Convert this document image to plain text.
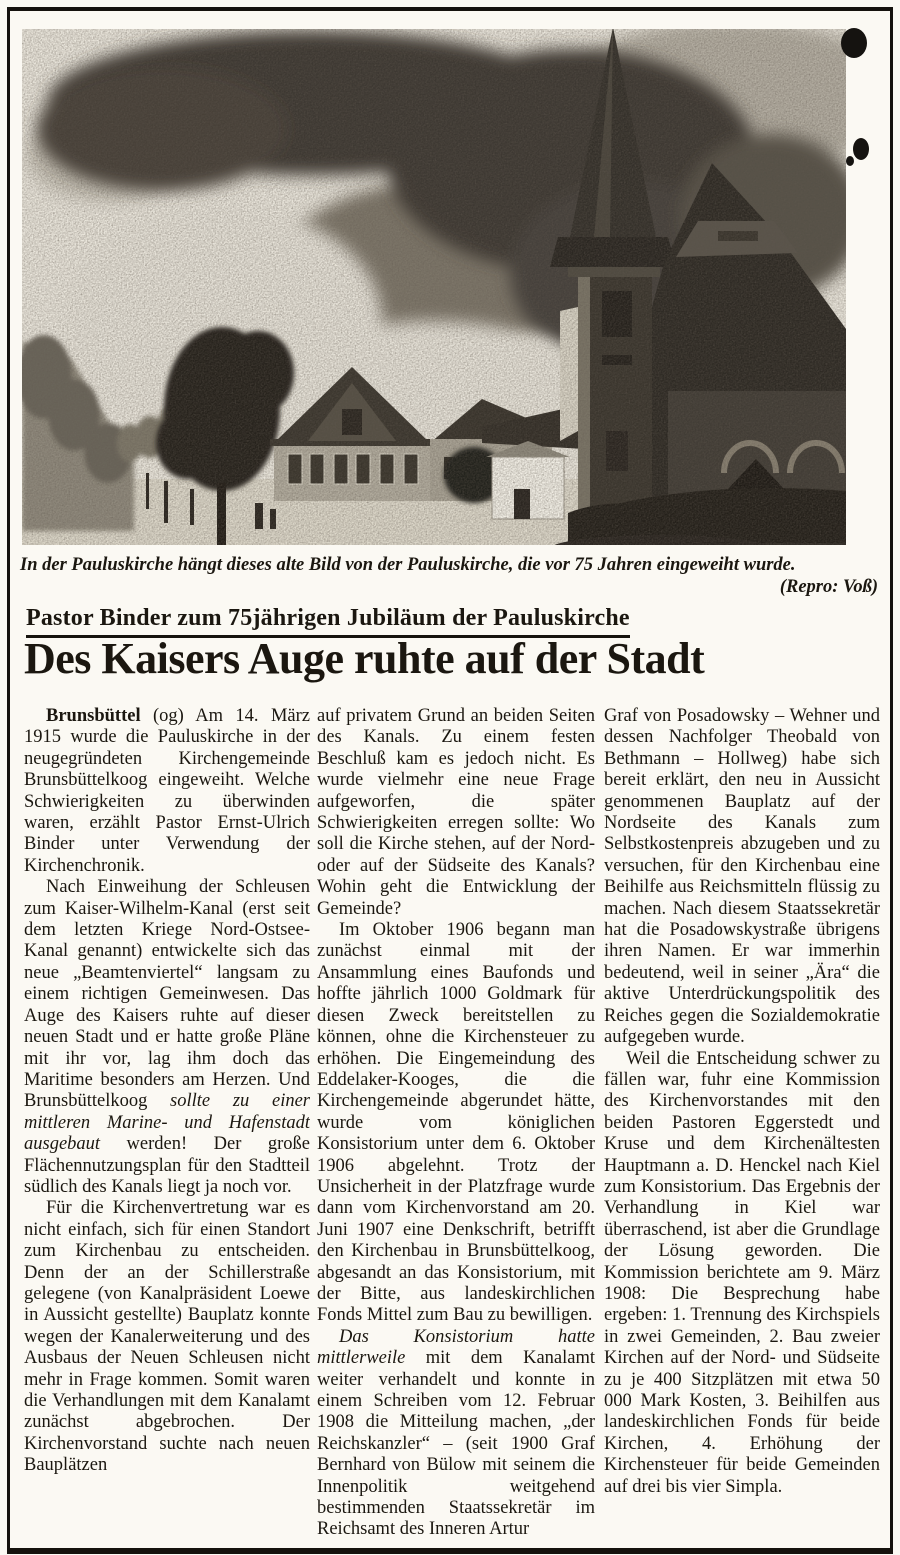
In der Pauluskirche hängt dieses alte Bild von der Pauluskirche, die vor 75 Jahren eingeweiht wurde.
(Repro: Voß)
Pastor Binder zum 75jährigen Jubiläum der Pauluskirche
Des Kaisers Auge ruhte auf der Stadt

Brunsbüttel (og) Am 14. März 1915 wurde die Pauluskirche in der neugegründeten Kirchengemeinde Brunsbüttelkoog eingeweiht. Welche Schwierigkeiten zu überwinden waren, erzählt Pastor Ernst-Ulrich Binder unter Verwendung der Kirchenchronik.

Nach Einweihung der Schleusen zum Kaiser-Wilhelm-Kanal (erst seit dem letzten Kriege Nord-Ostsee-Kanal genannt) entwickelte sich das neue „Beamtenviertel“ langsam zu einem richtigen Gemeinwesen. Das Auge des Kaisers ruhte auf dieser neuen Stadt und er hatte große Pläne mit ihr vor, lag ihm doch das Maritime besonders am Herzen. Und Brunsbüttelkoog sollte zu einer mittleren Marine- und Hafenstadt ausgebaut werden! Der große Flächennutzungsplan für den Stadtteil südlich des Kanals liegt ja noch vor.

Für die Kirchenvertretung war es nicht einfach, sich für einen Standort zum Kirchenbau zu entscheiden. Denn der an der Schillerstraße gelegene (von Kanalpräsident Loewe in Aussicht gestellte) Bauplatz konnte wegen der Kanalerweiterung und des Ausbaus der Neuen Schleusen nicht mehr in Frage kommen. Somit waren die Verhandlungen mit dem Kanalamt zunächst abgebrochen. Der Kirchenvorstand suchte nach neuen Bauplätzen

auf privatem Grund an beiden Seiten des Kanals. Zu einem festen Beschluß kam es jedoch nicht. Es wurde vielmehr eine neue Frage aufgeworfen, die später Schwierigkeiten erregen sollte: Wo soll die Kirche stehen, auf der Nord- oder auf der Südseite des Kanals? Wohin geht die Entwicklung der Gemeinde?

Im Oktober 1906 begann man zunächst einmal mit der Ansammlung eines Baufonds und hoffte jährlich 1000 Goldmark für diesen Zweck bereitstellen zu können, ohne die Kirchensteuer zu erhöhen. Die Eingemeindung des Eddelaker-Kooges, die die Kirchengemeinde abgerundet hätte, wurde vom königlichen Konsistorium unter dem 6. Oktober 1906 abgelehnt. Trotz der Unsicherheit in der Platzfrage wurde dann vom Kirchenvorstand am 20. Juni 1907 eine Denkschrift, betrifft den Kirchenbau in Brunsbüttelkoog, abgesandt an das Konsistorium, mit der Bitte, aus landeskirchlichen Fonds Mittel zum Bau zu bewilligen.

Das Konsistorium hatte mittlerweile mit dem Kanalamt weiter verhandelt und konnte in einem Schreiben vom 12. Februar 1908 die Mitteilung machen, „der Reichskanzler“ – (seit 1900 Graf Bernhard von Bülow mit seinem die Innenpolitik weitgehend bestimmenden Staatssekretär im Reichsamt des Inneren Artur

Graf von Posadowsky – Wehner und dessen Nachfolger Theobald von Bethmann – Hollweg) habe sich bereit erklärt, den neu in Aussicht genommenen Bauplatz auf der Nordseite des Kanals zum Selbstkostenpreis abzugeben und zu versuchen, für den Kirchenbau eine Beihilfe aus Reichsmitteln flüssig zu machen. Nach diesem Staatssekretär hat die Posadowskystraße übrigens ihren Namen. Er war immerhin bedeutend, weil in seiner „Ära“ die aktive Unterdrückungspolitik des Reiches gegen die Sozialdemokratie aufgegeben wurde.

Weil die Entscheidung schwer zu fällen war, fuhr eine Kommission des Kirchenvorstandes mit den beiden Pastoren Eggerstedt und Kruse und dem Kirchenältesten Hauptmann a. D. Henckel nach Kiel zum Konsistorium. Das Ergebnis der Verhandlung in Kiel war überraschend, ist aber die Grundlage der Lösung geworden. Die Kommission berichtete am 9. März 1908: Die Besprechung habe ergeben: 1. Trennung des Kirchspiels in zwei Gemeinden, 2. Bau zweier Kirchen auf der Nord- und Südseite zu je 400 Sitzplätzen mit etwa 50 000 Mark Kosten, 3. Beihilfen aus landeskirchlichen Fonds für beide Kirchen, 4. Erhöhung der Kirchensteuer für beide Gemeinden auf drei bis vier Simpla.
